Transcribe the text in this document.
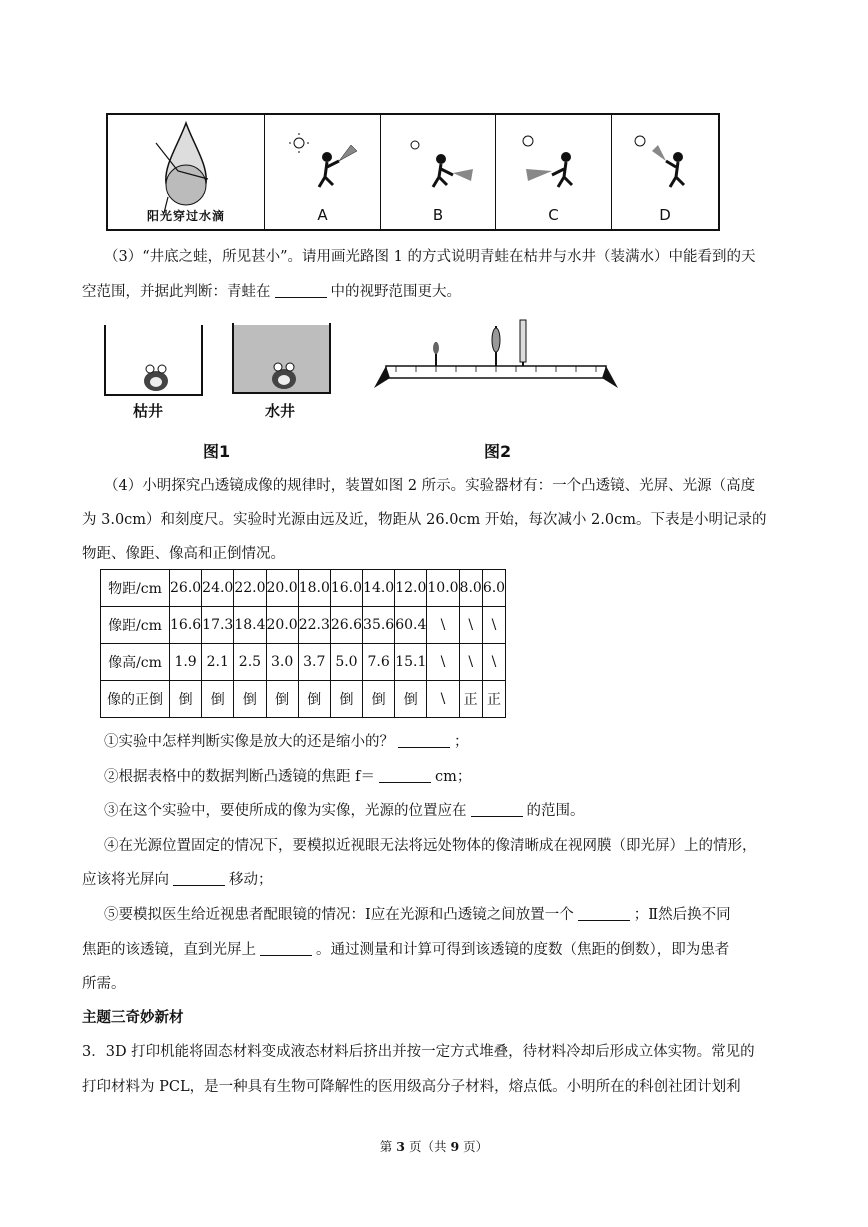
阳光穿过水滴	A	B	C	D
（3）“井底之蛙，所见甚小”。请用画光路图 1 的方式说明青蛙在枯井与水井（装满水）中能看到的天
空范围，并据此判断：青蛙在	中的视野范围更大。
枯井	水井
图1	图2
（4）小明探究凸透镜成像的规律时，装置如图 2 所示。实验器材有：一个凸透镜、光屏、光源（高度
为 3.0cm）和刻度尺。实验时光源由远及近，物距从 26.0cm 开始，每次减小 2.0cm。下表是小明记录的
物距、像距、像高和正倒情况。
物距/cm	26.0	24.0	22.0	20.0	18.0	16.0	14.0	12.0	10.0	8.0	6.0
像距/cm	16.6	17.3	18.4	20.0	22.3	26.6	35.6	60.4	\	\	\
像高/cm	1.9	2.1	2.5	3.0	3.7	5.0	7.6	15.1	\	\	\
像的正倒	倒	倒	倒	倒	倒	倒	倒	倒	\	正	正
①实验中怎样判断实像是放大的还是缩小的？	；
②根据表格中的数据判断凸透镜的焦距 f＝	cm；
③在这个实验中，要使所成的像为实像，光源的位置应在	的范围。
④在光源位置固定的情况下，要模拟近视眼无法将远处物体的像清晰成在视网膜（即光屏）上的情形，
应该将光屏向	移动；
⑤要模拟医生给近视患者配眼镜的情况：Ⅰ应在光源和凸透镜之间放置一个	；Ⅱ然后换不同
焦距的该透镜，直到光屏上	。通过测量和计算可得到该透镜的度数（焦距的倒数），即为患者
所需。
主题三奇妙新材
3．3D 打印机能将固态材料变成液态材料后挤出并按一定方式堆叠，待材料冷却后形成立体实物。常见的
打印材料为 PCL，是一种具有生物可降解性的医用级高分子材料，熔点低。小明所在的科创社团计划利
第 3 页（共 9 页）
